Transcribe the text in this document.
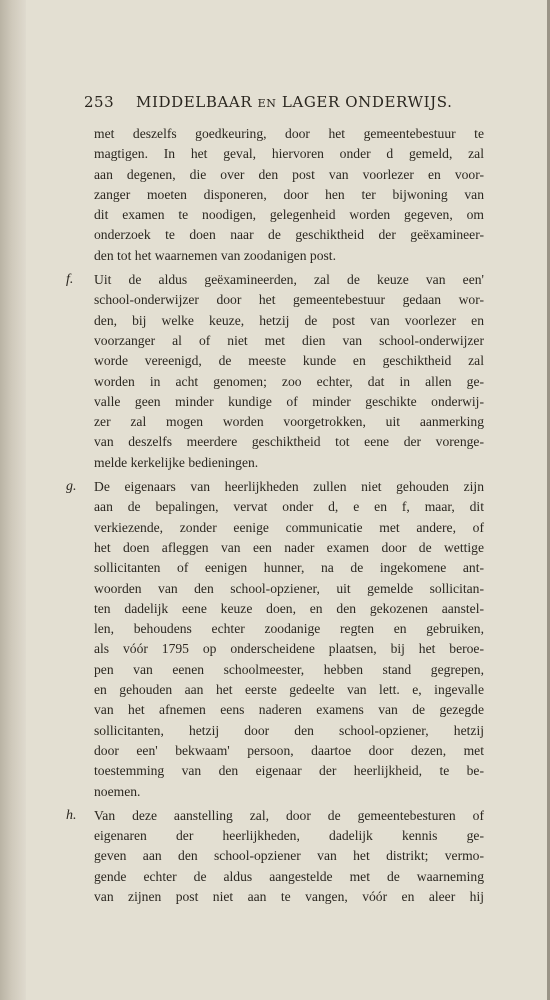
253 MIDDELBAAR EN LAGER ONDERWIJS.
met deszelfs goedkeuring, door het gemeentebestuur te
magtigen. In het geval, hiervoren onder d gemeld, zal
aan degenen, die over den post van voorlezer en voor-
zanger moeten disponeren, door hen ter bijwoning van
dit examen te noodigen, gelegenheid worden gegeven, om
onderzoek te doen naar de geschiktheid der geëxamineer-
den tot het waarnemen van zoodanigen post.
f. Uit de aldus geëxamineerden, zal de keuze van een'
school-onderwijzer door het gemeentebestuur gedaan wor-
den, bij welke keuze, hetzij de post van voorlezer en
voorzanger al of niet met dien van school-onderwijzer
worde vereenigd, de meeste kunde en geschiktheid zal
worden in acht genomen; zoo echter, dat in allen ge-
valle geen minder kundige of minder geschikte onderwij-
zer zal mogen worden voorgetrokken, uit aanmerking
van deszelfs meerdere geschiktheid tot eene der vorenge-
melde kerkelijke bedieningen.
g. De eigenaars van heerlijkheden zullen niet gehouden zijn
aan de bepalingen, vervat onder d, e en f, maar, dit
verkiezende, zonder eenige communicatie met andere, of
het doen afleggen van een nader examen door de wettige
sollicitanten of eenigen hunner, na de ingekomene ant-
woorden van den school-opziener, uit gemelde sollicitan-
ten dadelijk eene keuze doen, en den gekozenen aanstel-
len, behoudens echter zoodanige regten en gebruiken,
als vóór 1795 op onderscheidene plaatsen, bij het beroe-
pen van eenen schoolmeester, hebben stand gegrepen,
en gehouden aan het eerste gedeelte van lett. e, ingevalle
van het afnemen eens naderen examens van de gezegde
sollicitanten, hetzij door den school-opziener, hetzij
door een' bekwaam' persoon, daartoe door dezen, met
toestemming van den eigenaar der heerlijkheid, te be-
noemen.
h. Van deze aanstelling zal, door de gemeentebesturen of
eigenaren der heerlijkheden, dadelijk kennis ge-
geven aan den school-opziener van het distrikt; vermo-
gende echter de aldus aangestelde met de waarneming
van zijnen post niet aan te vangen, vóór en aleer hij
